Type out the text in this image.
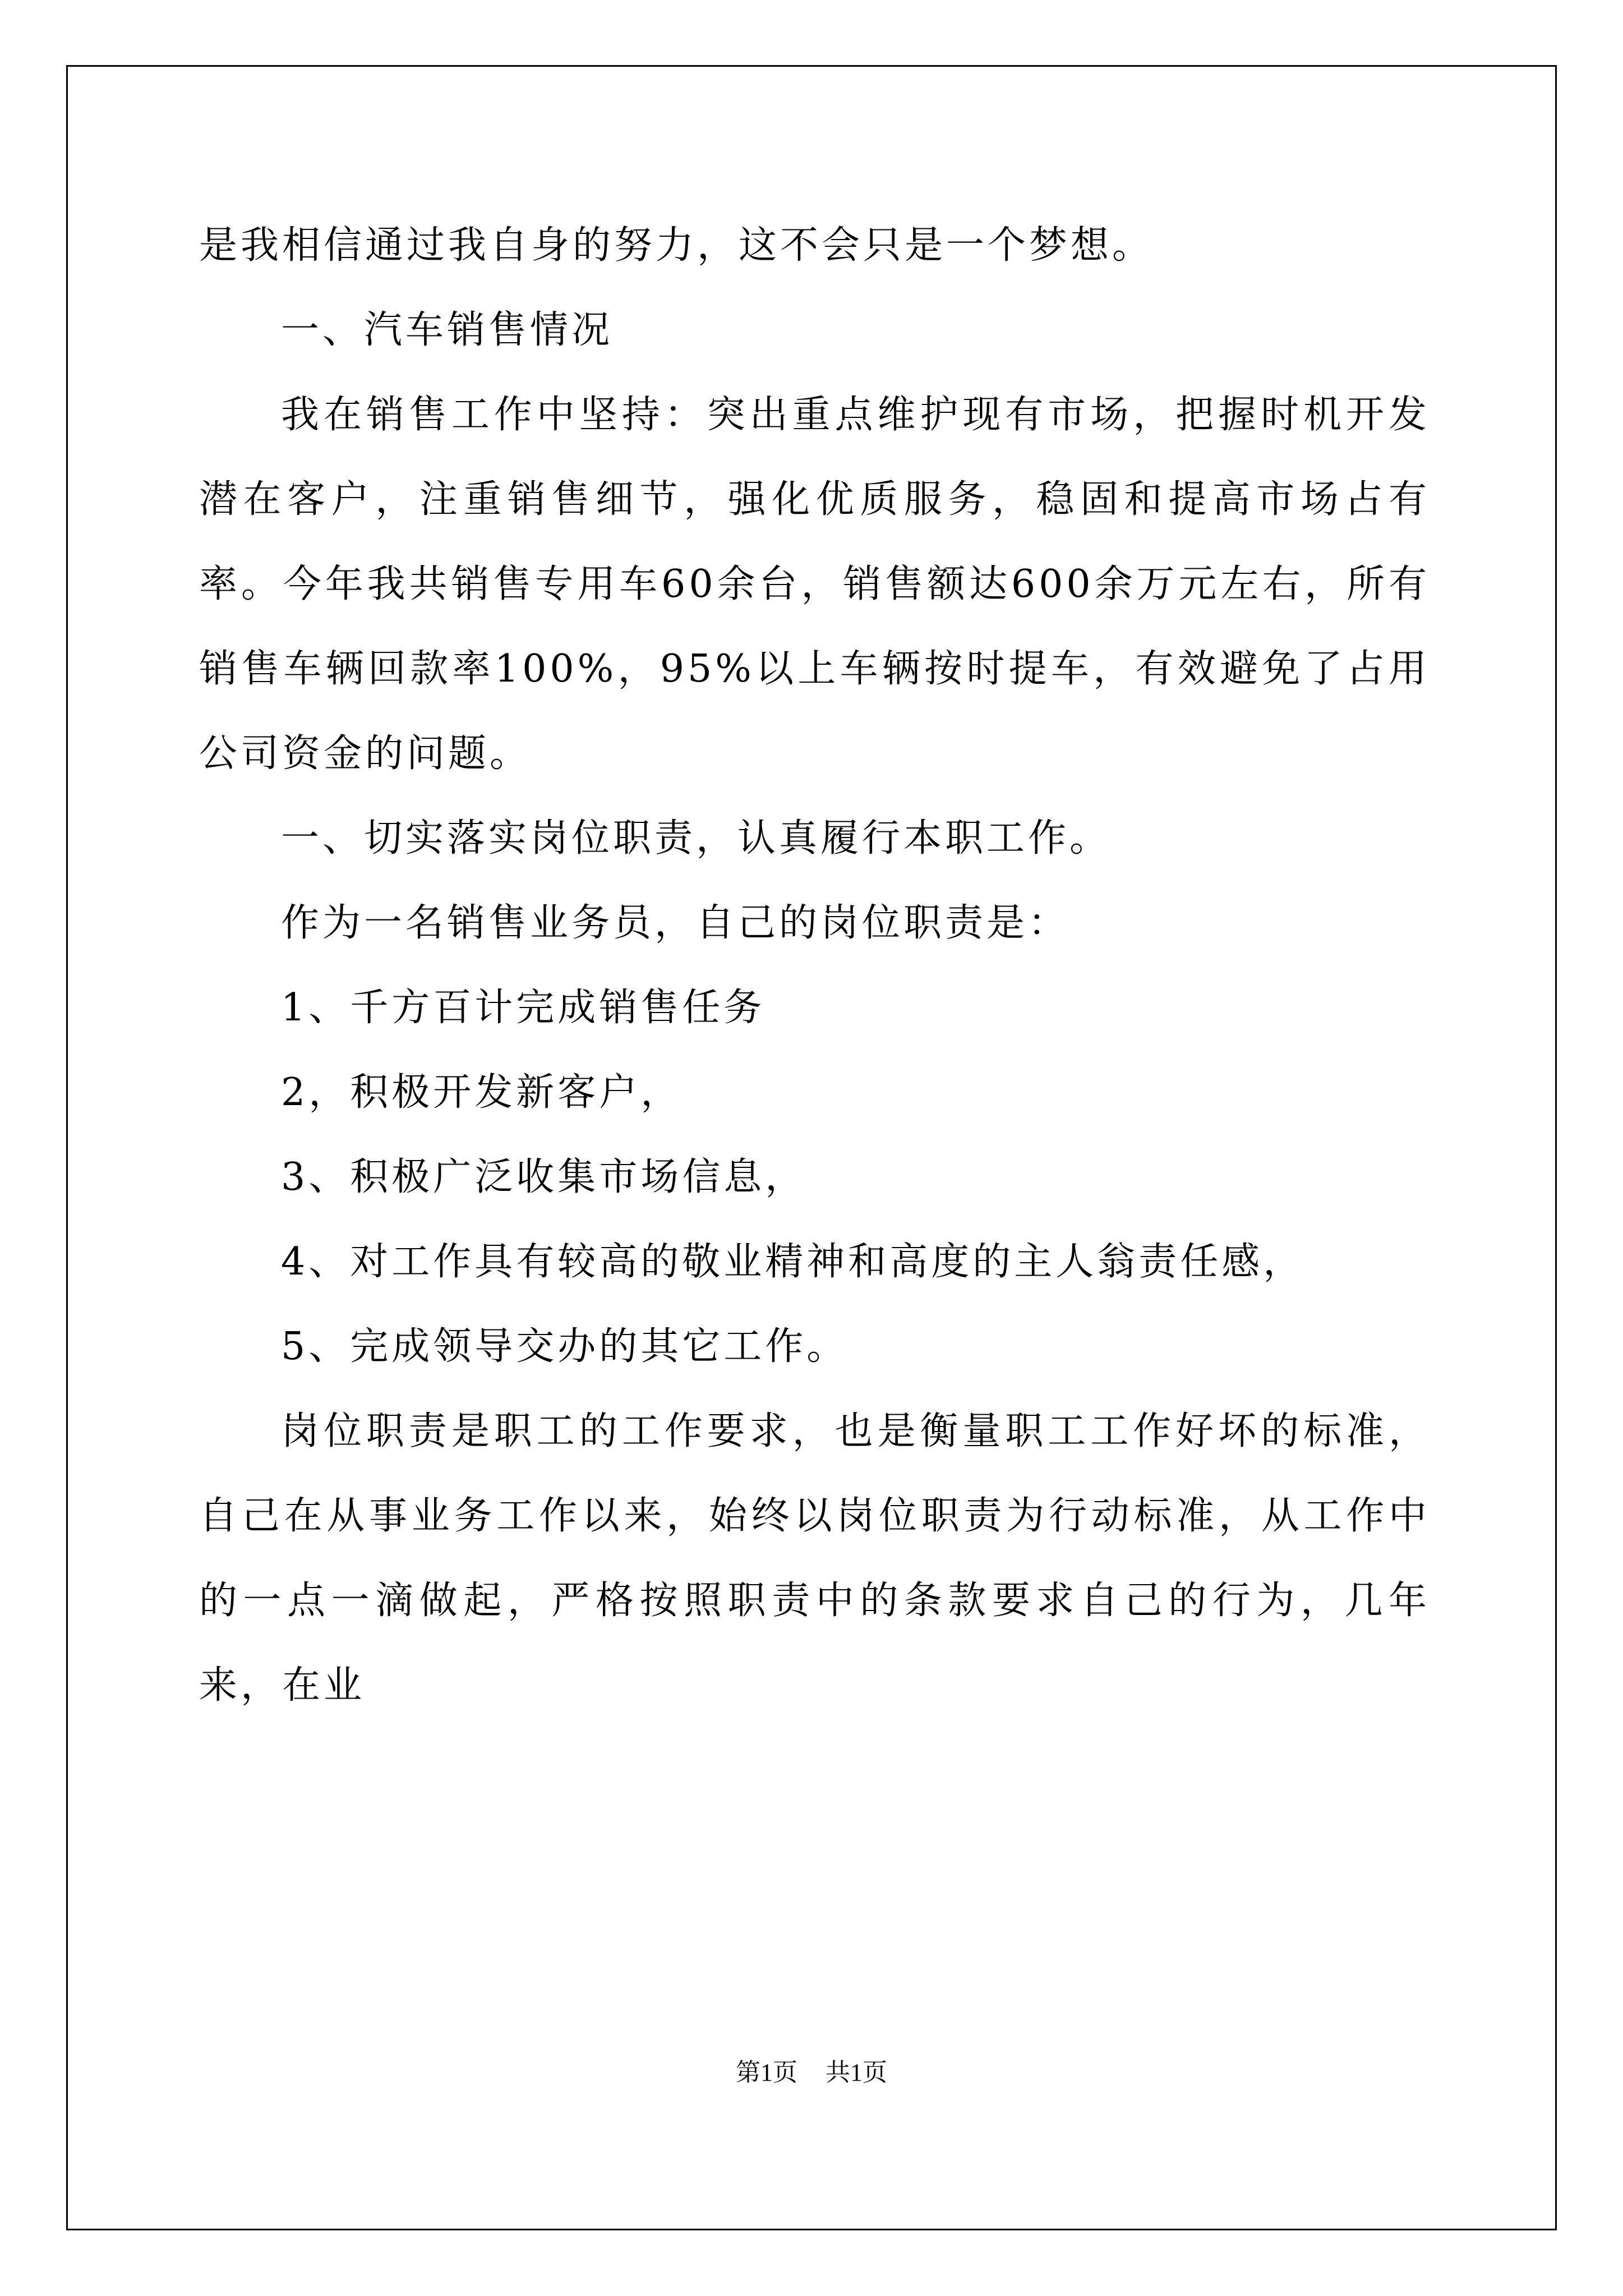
是我相信通过我自身的努力，这不会只是一个梦想。

一、汽车销售情况

我在销售工作中坚持：突出重点维护现有市场，把握时机开发潜在客户，注重销售细节，强化优质服务，稳固和提高市场占有率。今年我共销售专用车60余台，销售额达600余万元左右，所有销售车辆回款率100%，95%以上车辆按时提车，有效避免了占用公司资金的问题。

一、切实落实岗位职责，认真履行本职工作。

作为一名销售业务员，自己的岗位职责是：

1、千方百计完成销售任务

2，积极开发新客户，

3、积极广泛收集市场信息，

4、对工作具有较高的敬业精神和高度的主人翁责任感，

5、完成领导交办的其它工作。

岗位职责是职工的工作要求，也是衡量职工工作好坏的标准，自己在从事业务工作以来，始终以岗位职责为行动标准，从工作中的一点一滴做起，严格按照职责中的条款要求自己的行为，几年来，在业

第1页 共1页
